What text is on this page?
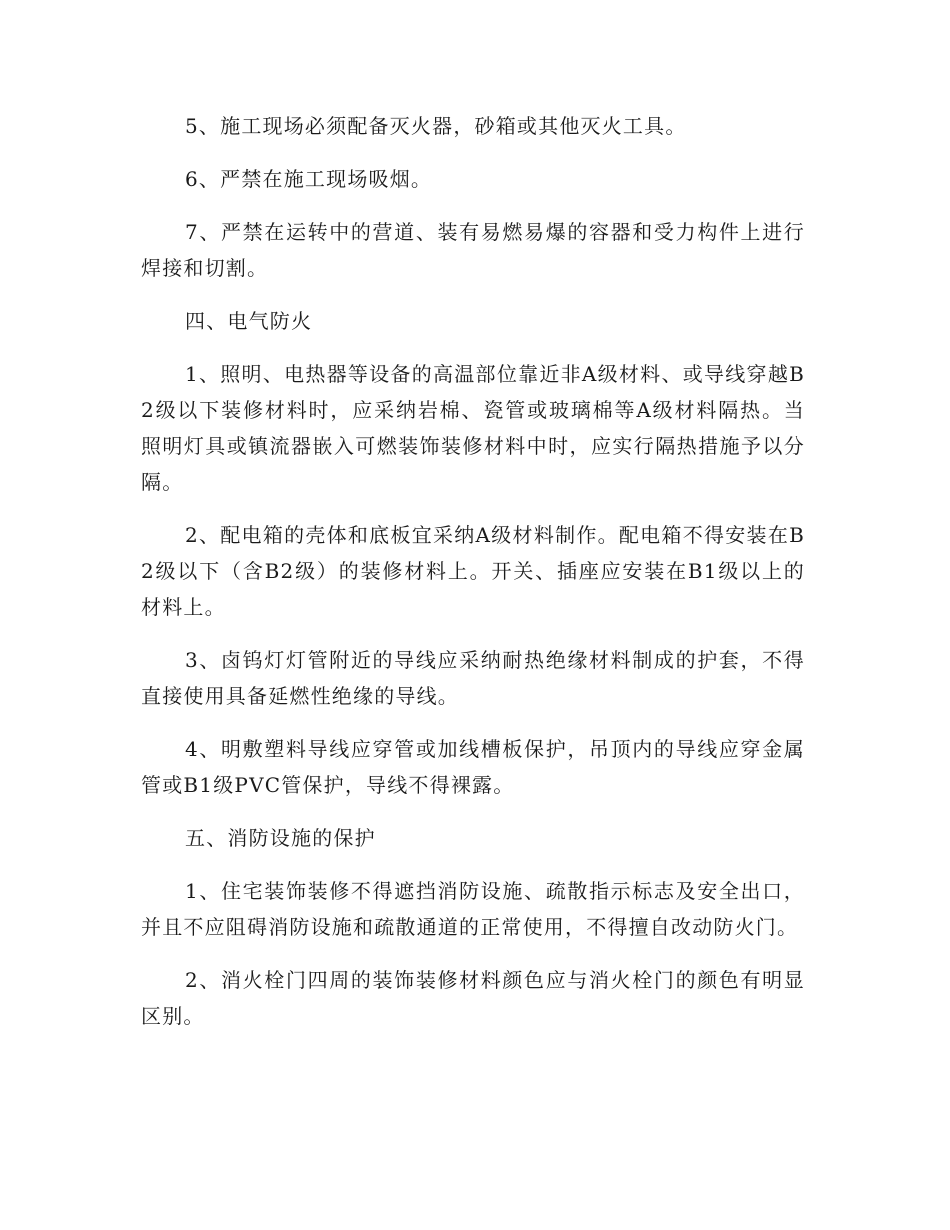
5、施工现场必须配备灭火器，砂箱或其他灭火工具。

6、严禁在施工现场吸烟。

7、严禁在运转中的营道、装有易燃易爆的容器和受力构件上进行焊接和切割。

四、电气防火

1、照明、电热器等设备的高温部位靠近非A级材料、或导线穿越B2级以下装修材料时，应采纳岩棉、瓷管或玻璃棉等A级材料隔热。当照明灯具或镇流器嵌入可燃装饰装修材料中时，应实行隔热措施予以分隔。

2、配电箱的壳体和底板宜采纳A级材料制作。配电箱不得安装在B2级以下（含B2级）的装修材料上。开关、插座应安装在B1级以上的材料上。

3、卤钨灯灯管附近的导线应采纳耐热绝缘材料制成的护套，不得直接使用具备延燃性绝缘的导线。

4、明敷塑料导线应穿管或加线槽板保护，吊顶内的导线应穿金属管或B1级PVC管保护，导线不得裸露。

五、消防设施的保护

1、住宅装饰装修不得遮挡消防设施、疏散指示标志及安全出口，并且不应阻碍消防设施和疏散通道的正常使用，不得擅自改动防火门。

2、消火栓门四周的装饰装修材料颜色应与消火栓门的颜色有明显区别。
